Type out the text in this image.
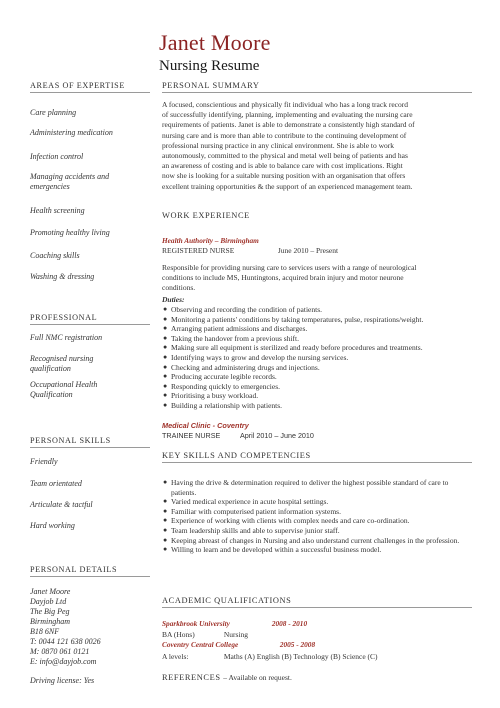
Janet Moore
Nursing Resume
AREAS OF EXPERTISE
Care planning
Administering medication
Infection control
Managing accidents and emergencies
Health screening
Promoting healthy living
Coaching skills
Washing & dressing
PROFESSIONAL
Full NMC registration
Recognised nursing qualification
Occupational Health Qualification
PERSONAL SKILLS
Friendly
Team orientated
Articulate & tactful
Hard working
PERSONAL DETAILS
Janet Moore
Dayjob Ltd
The Big Peg
Birmingham
B18 6NF
T: 0044 121 638 0026
M: 0870 061 0121
E: info@dayjob.com
Driving license: Yes
PERSONAL SUMMARY
A focused, conscientious and physically fit individual who has a long track record
of successfully identifying, planning, implementing and evaluating the nursing care
requirements of patients. Janet is able to demonstrate a consistently high standard of
nursing care and is more than able to contribute to the continuing development of
professional nursing practice in any clinical environment. She is able to work
autonomously, committed to the physical and metal well being of patients and has
an awareness of costing and is able to balance care with cost implications. Right
now she is looking for a suitable nursing position with an organisation that offers
excellent training opportunities & the support of an experienced management team.
WORK EXPERIENCE
Health Authority – Birmingham
REGISTERED NURSE	June 2010 – Present
Responsible for providing nursing care to services users with a range of neurological
conditions to include MS, Huntingtons, acquired brain injury and motor neurone
conditions.
Duties:
● Observing and recording the condition of patients.
● Monitoring a patients' conditions by taking temperatures, pulse, respirations/weight.
● Arranging patient admissions and discharges.
● Taking the handover from a previous shift.
● Making sure all equipment is sterilized and ready before procedures and treatments.
● Identifying ways to grow and develop the nursing services.
● Checking and administering drugs and injections.
● Producing accurate legible records.
● Responding quickly to emergencies.
● Prioritising a busy workload.
● Building a relationship with patients.
Medical Clinic - Coventry
TRAINEE NURSE	April 2010 – June 2010
KEY SKILLS AND COMPETENCIES
● Having the drive & determination required to deliver the highest possible standard of care to patients.
● Varied medical experience in acute hospital settings.
● Familiar with computerised patient information systems.
● Experience of working with clients with complex needs and care co-ordination.
● Team leadership skills and able to supervise junior staff.
● Keeping abreast of changes in Nursing and also understand current challenges in the profession.
● Willing to learn and be developed within a successful business model.
ACADEMIC QUALIFICATIONS
Sparkbrook University	2008 - 2010
BA (Hons)	Nursing
Coventry Central College	2005 - 2008
A levels:	Maths (A) English (B) Technology (B) Science (C)
REFERENCES – Available on request.
